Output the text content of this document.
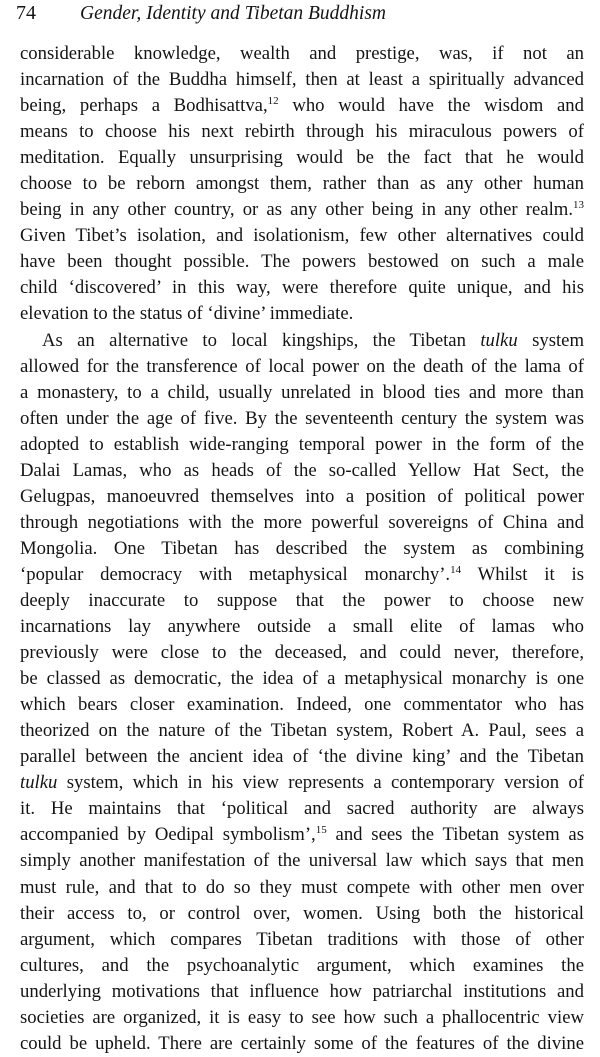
74 Gender, Identity and Tibetan Buddhism
considerable knowledge, wealth and prestige, was, if not an
incarnation of the Buddha himself, then at least a spiritually advanced
being, perhaps a Bodhisattva,$^{12}$ who would have the wisdom and
means to choose his next rebirth through his miraculous powers of
meditation. Equally unsurprising would be the fact that he would
choose to be reborn amongst them, rather than as any other human
being in any other country, or as any other being in any other realm.$^{13}$
Given Tibet’s isolation, and isolationism, few other alternatives could
have been thought possible. The powers bestowed on such a male
child ‘discovered’ in this way, were therefore quite unique, and his
elevation to the status of ‘divine’ immediate.
As an alternative to local kingships, the Tibetan tulku system
allowed for the transference of local power on the death of the lama of
a monastery, to a child, usually unrelated in blood ties and more than
often under the age of five. By the seventeenth century the system was
adopted to establish wide-ranging temporal power in the form of the
Dalai Lamas, who as heads of the so-called Yellow Hat Sect, the
Gelugpas, manoeuvred themselves into a position of political power
through negotiations with the more powerful sovereigns of China and
Mongolia. One Tibetan has described the system as combining
‘popular democracy with metaphysical monarchy’.$^{14}$ Whilst it is
deeply inaccurate to suppose that the power to choose new
incarnations lay anywhere outside a small elite of lamas who
previously were close to the deceased, and could never, therefore,
be classed as democratic, the idea of a metaphysical monarchy is one
which bears closer examination. Indeed, one commentator who has
theorized on the nature of the Tibetan system, Robert A. Paul, sees a
parallel between the ancient idea of ‘the divine king’ and the Tibetan
tulku system, which in his view represents a contemporary version of
it. He maintains that ‘political and sacred authority are always
accompanied by Oedipal symbolism’,$^{15}$ and sees the Tibetan system as
simply another manifestation of the universal law which says that men
must rule, and that to do so they must compete with other men over
their access to, or control over, women. Using both the historical
argument, which compares Tibetan traditions with those of other
cultures, and the psychoanalytic argument, which examines the
underlying motivations that influence how patriarchal institutions and
societies are organized, it is easy to see how such a phallocentric view
could be upheld. There are certainly some of the features of the divine
